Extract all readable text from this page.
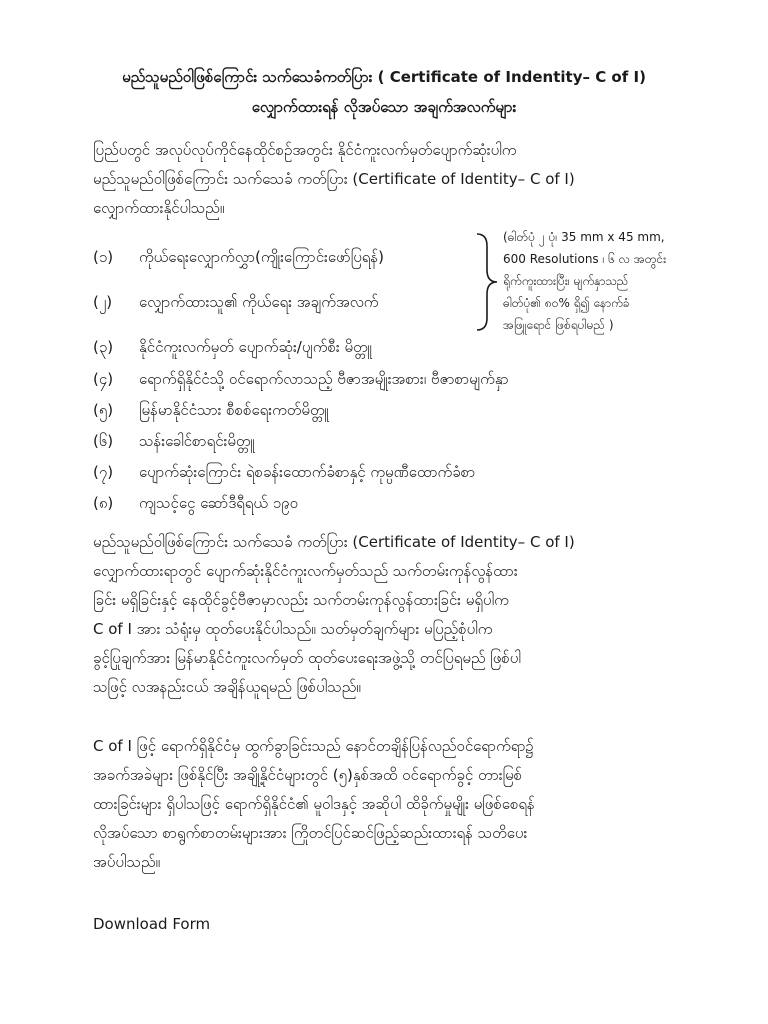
မည်သူမည်ဝါဖြစ်ကြောင်း သက်သေခံကတ်ပြား ( Certificate of Indentity– C of I)
လျှောက်ထားရန် လိုအပ်သော အချက်အလက်များ
ပြည်ပတွင် အလုပ်လုပ်ကိုင်နေထိုင်စဉ်အတွင်း နိုင်ငံကူးလက်မှတ်ပျောက်ဆုံးပါက
မည်သူမည်ဝါဖြစ်ကြောင်း သက်သေခံ ကတ်ပြား (Certificate of Identity– C of I)
လျှောက်ထားနိုင်ပါသည်။
(၁) ကိုယ်ရေးလျှောက်လွှာ(ကျိုးကြောင်းဖော်ပြရန်)
(၂) လျှောက်ထားသူ၏ ကိုယ်ရေး အချက်အလက်
(၃) နိုင်ငံကူးလက်မှတ် ပျောက်ဆုံး/ပျက်စီး မိတ္တူ
(၄) ရောက်ရှိနိုင်ငံသို့ ဝင်ရောက်လာသည့် ဗီဇာအမျိုးအစား၊ ဗီဇာစာမျက်နှာ
(၅) မြန်မာနိုင်ငံသား စီစစ်ရေးကတ်မိတ္တူ
(၆) သန်းခေါင်စာရင်းမိတ္တူ
(၇) ပျောက်ဆုံးကြောင်း ရဲစခန်းထောက်ခံစာနှင့် ကုမ္ပဏီထောက်ခံစာ
(၈) ကျသင့်ငွေ ဆော်ဒီရီရယ် ၁၉၀
(ဓါတ်ပုံ ၂ ပုံ၊ 35 mm x 45 mm,
600 Resolutions ၊ ၆ လ အတွင်း
ရိုက်ကူးထားပြီး၊ မျက်နှာသည်
ဓါတ်ပုံ၏ ၈၀% ရှိ၍ နောက်ခံ
အဖြူရောင် ဖြစ်ရပါမည် )
မည်သူမည်ဝါဖြစ်ကြောင်း သက်သေခံ ကတ်ပြား (Certificate of Identity– C of I)
လျှောက်ထားရာတွင် ပျောက်ဆုံးနိုင်ငံကူးလက်မှတ်သည် သက်တမ်းကုန်လွန်ထား
ခြင်း မရှိခြင်းနှင့် နေထိုင်ခွင့်ဗီဇာမှာလည်း သက်တမ်းကုန်လွန်ထားခြင်း မရှိပါက
C of I အား သံရုံးမှ ထုတ်ပေးနိုင်ပါသည်။ သတ်မှတ်ချက်များ မပြည့်စုံပါက
ခွင့်ပြုချက်အား မြန်မာနိုင်ငံကူးလက်မှတ် ထုတ်ပေးရေးအဖွဲ့သို့ တင်ပြရမည် ဖြစ်ပါ
သဖြင့် လအနည်းငယ် အချိန်ယူရမည် ဖြစ်ပါသည်။
C of I ဖြင့် ရောက်ရှိနိုင်ငံမှ ထွက်ခွာခြင်းသည် နောင်တချိန်ပြန်လည်ဝင်ရောက်ရာ၌
အခက်အခဲများ ဖြစ်နိုင်ပြီး အချို့နိုင်ငံများတွင် (၅)နှစ်အထိ ဝင်ရောက်ခွင့် တားမြစ်
ထားခြင်းများ ရှိပါသဖြင့် ရောက်ရှိနိုင်ငံ၏ မူဝါဒနှင့် အဆိုပါ ထိခိုက်မှုမျိုး မဖြစ်စေရန်
လိုအပ်သော စာရွက်စာတမ်းများအား ကြိုတင်ပြင်ဆင်ဖြည့်ဆည်းထားရန် သတိပေး
အပ်ပါသည်။
Download Form
